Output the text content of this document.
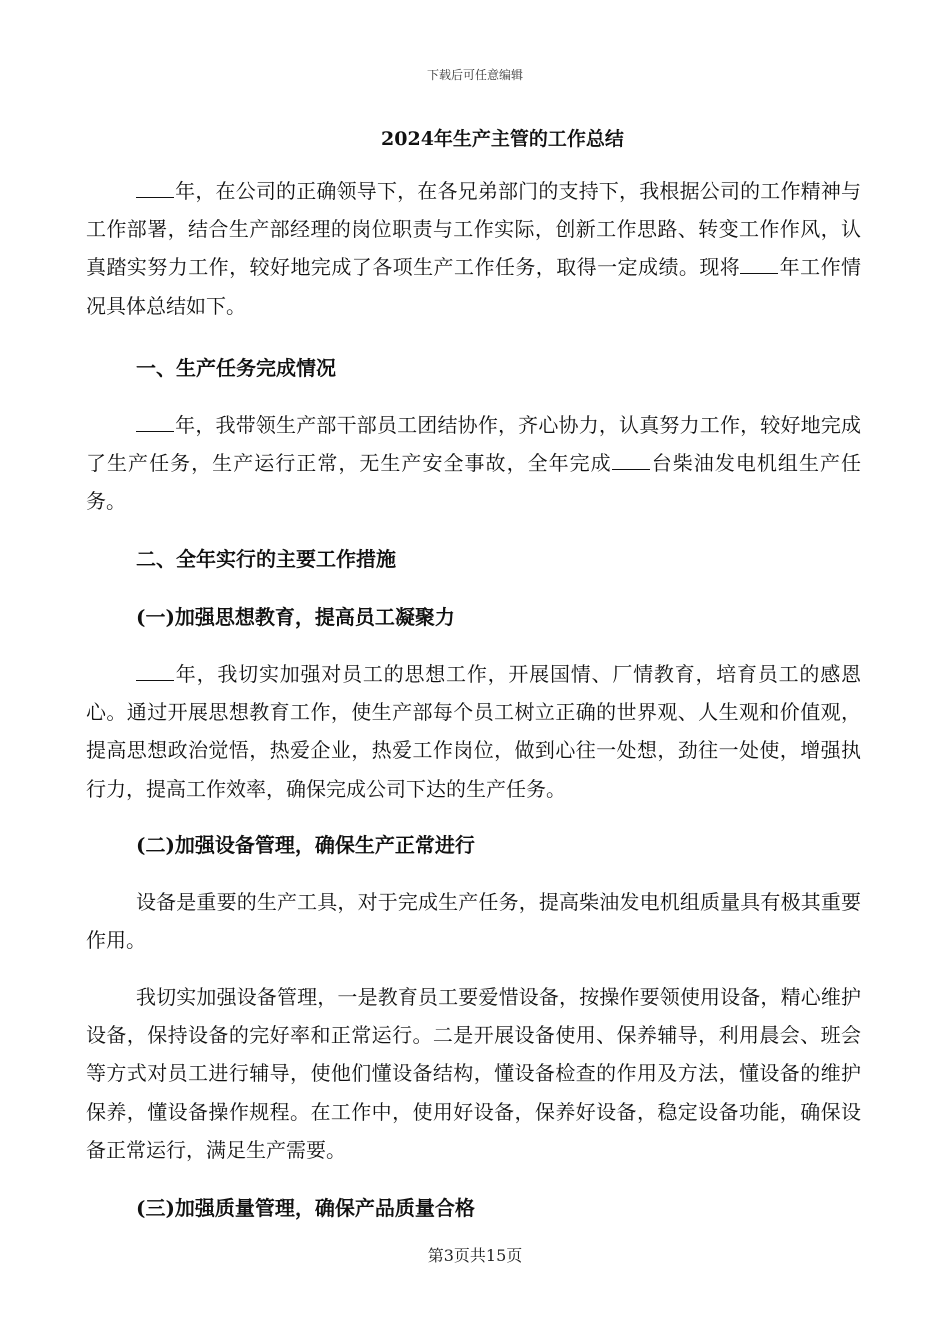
下载后可任意编辑
2024年生产主管的工作总结

年，在公司的正确领导下，在各兄弟部门的支持下，我根据公司的工作精神与工作部署，结合生产部经理的岗位职责与工作实际，创新工作思路、转变工作作风，认真踏实努力工作，较好地完成了各项生产工作任务，取得一定成绩。现将 年工作情况具体总结如下。

一、生产任务完成情况

年，我带领生产部干部员工团结协作，齐心协力，认真努力工作，较好地完成了生产任务，生产运行正常，无生产安全事故，全年完成 台柴油发电机组生产任务。

二、全年实行的主要工作措施

(一)加强思想教育，提高员工凝聚力

年，我切实加强对员工的思想工作，开展国情、厂情教育，培育员工的感恩心。通过开展思想教育工作，使生产部每个员工树立正确的世界观、人生观和价值观，提高思想政治觉悟，热爱企业，热爱工作岗位，做到心往一处想，劲往一处使，增强执行力，提高工作效率，确保完成公司下达的生产任务。

(二)加强设备管理，确保生产正常进行

设备是重要的生产工具，对于完成生产任务，提高柴油发电机组质量具有极其重要作用。

我切实加强设备管理，一是教育员工要爱惜设备，按操作要领使用设备，精心维护设备，保持设备的完好率和正常运行。二是开展设备使用、保养辅导，利用晨会、班会等方式对员工进行辅导，使他们懂设备结构，懂设备检查的作用及方法，懂设备的维护保养，懂设备操作规程。在工作中，使用好设备，保养好设备，稳定设备功能，确保设备正常运行，满足生产需要。

(三)加强质量管理，确保产品质量合格

第3页共15页
